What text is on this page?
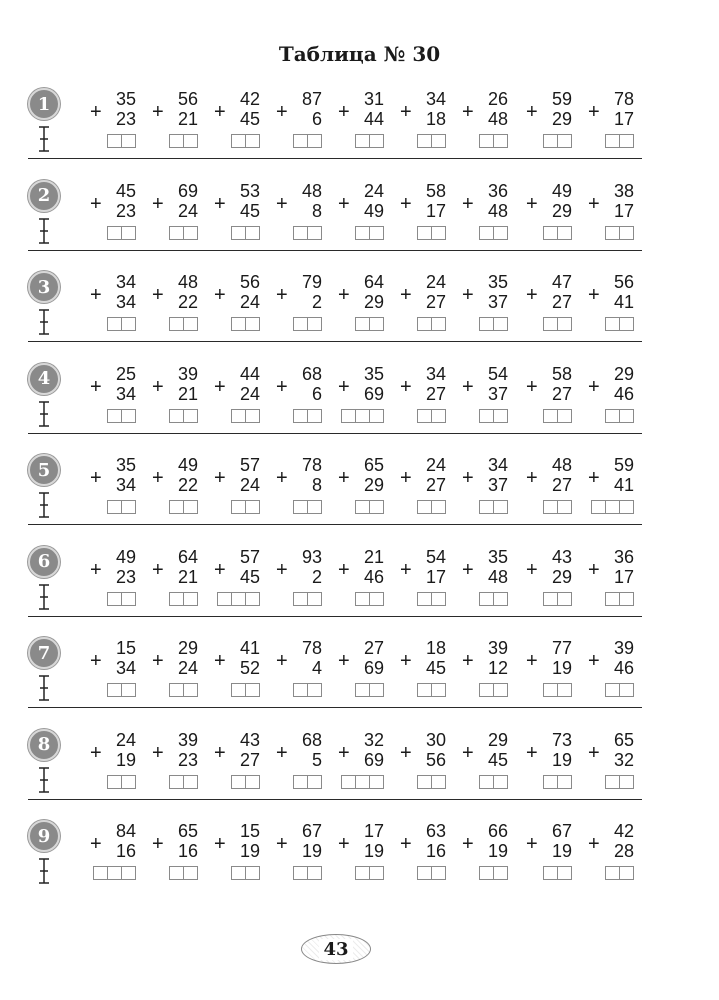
Таблица № 30
1	+
35
23 +
56
21 +
42
45 +
87
6 +
31
44 +
34
18 +
26
48 +
59
29 +
78
17
2	+
45
23 +
69
24 +
53
45 +
48
8 +
24
49 +
58
17 +
36
48 +
49
29 +
38
17
3	+
34
34 +
48
22 +
56
24 +
79
2 +
64
29 +
24
27 +
35
37 +
47
27 +
56
41
4	+
25
34 +
39
21 +
44
24 +
68
6 +
35
69 +
34
27 +
54
37 +
58
27 +
29
46
5	+
35
34 +
49
22 +
57
24 +
78
8 +
65
29 +
24
27 +
34
37 +
48
27 +
59
41
6	+
49
23 +
64
21 +
57
45 +
93
2 +
21
46 +
54
17 +
35
48 +
43
29 +
36
17
7	+
15
34 +
29
24 +
41
52 +
78
4 +
27
69 +
18
45 +
39
12 +
77
19 +
39
46
8	+
24
19 +
39
23 +
43
27 +
68
5 +
32
69 +
30
56 +
29
45 +
73
19 +
65
32
9	+
84
16 +
65
16 +
15
19 +
67
19 +
17
19 +
63
16 +
66
19 +
67
19 +
42
28
43
